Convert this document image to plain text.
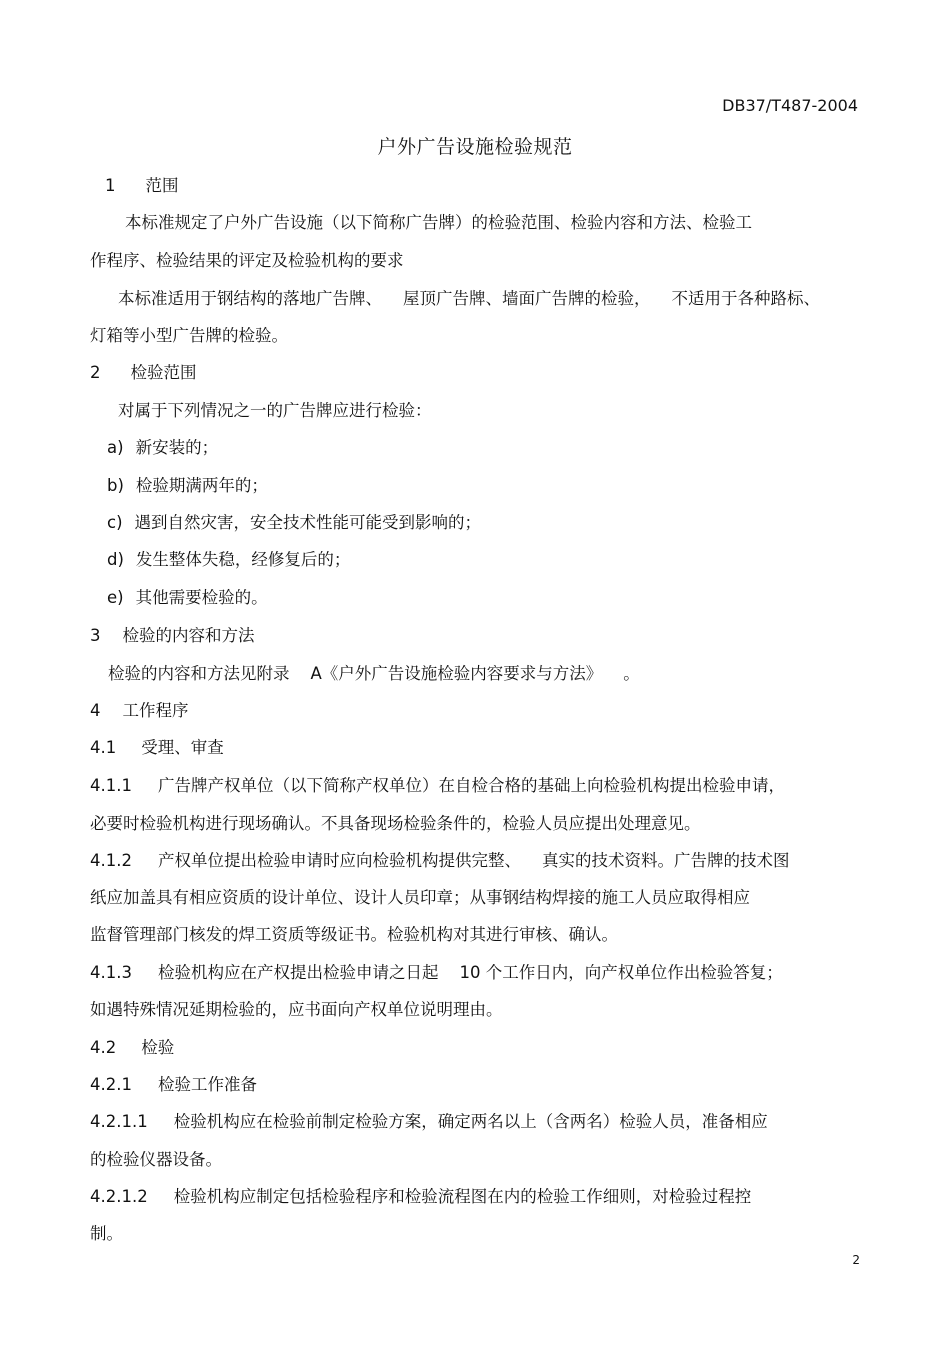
DB37/T487-2004
户外广告设施检验规范
1 范围
本标准规定了户外广告设施（以下简称广告牌）的检验范围、检验内容和方法、检验工
作程序、检验结果的评定及检验机构的要求
本标准适用于钢结构的落地广告牌、    屋顶广告牌、墙面广告牌的检验，    不适用于各种路标、
灯箱等小型广告牌的检验。
2 检验范围
对属于下列情况之一的广告牌应进行检验：
a) 新安装的；
b) 检验期满两年的；
c) 遇到自然灾害，安全技术性能可能受到影响的；
d) 发生整体失稳，经修复后的；
e) 其他需要检验的。
3 检验的内容和方法
检验的内容和方法见附录    A《户外广告设施检验内容要求与方法》    。
4 工作程序
4.1 受理、审查
4.1.1 广告牌产权单位（以下简称产权单位）在自检合格的基础上向检验机构提出检验申请，
必要时检验机构进行现场确认。不具备现场检验条件的，检验人员应提出处理意见。
4.1.2 产权单位提出检验申请时应向检验机构提供完整、    真实的技术资料。广告牌的技术图
纸应加盖具有相应资质的设计单位、设计人员印章；从事钢结构焊接的施工人员应取得相应
监督管理部门核发的焊工资质等级证书。检验机构对其进行审核、确认。
4.1.3 检验机构应在产权提出检验申请之日起    10 个工作日内，向产权单位作出检验答复；
如遇特殊情况延期检验的，应书面向产权单位说明理由。
4.2 检验
4.2.1 检验工作准备
4.2.1.1 检验机构应在检验前制定检验方案，确定两名以上（含两名）检验人员，准备相应
的检验仪器设备。
4.2.1.2 检验机构应制定包括检验程序和检验流程图在内的检验工作细则，对检验过程控
制。
2
